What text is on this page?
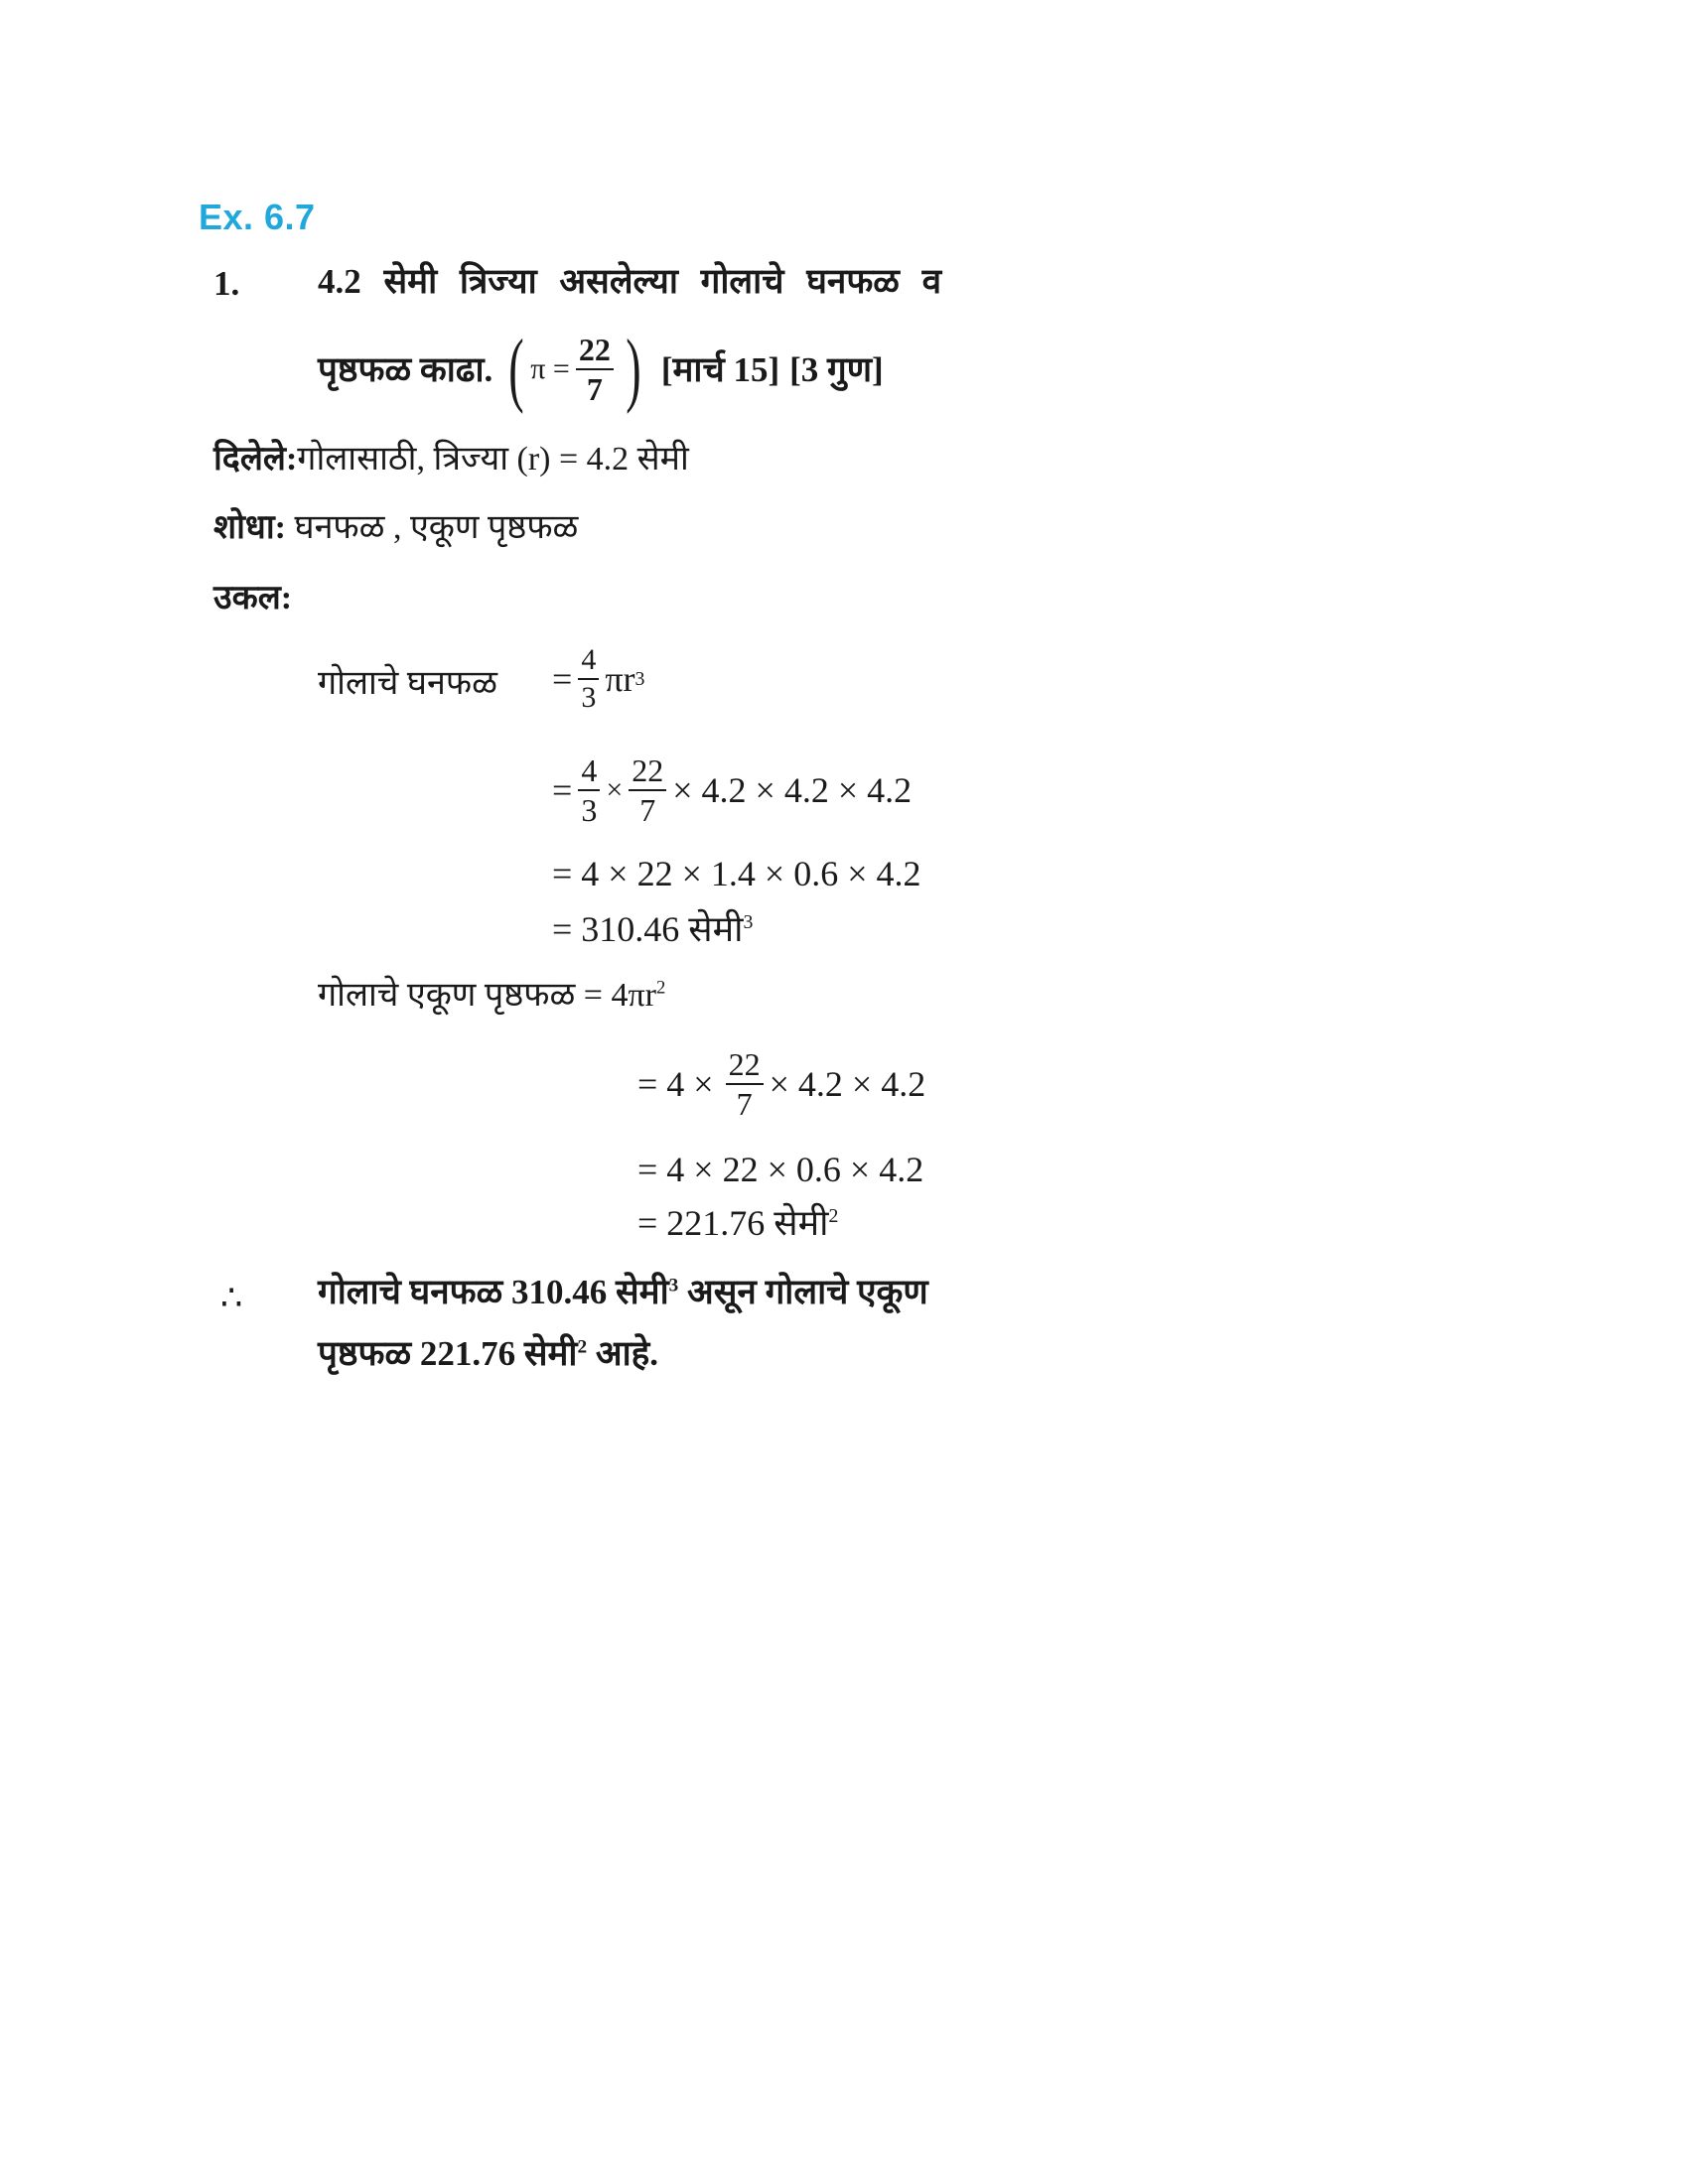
Ex. 6.7
1. 4.2 सेमी त्रिज्या असलेल्या गोलाचे घनफळ व
पृष्ठफळ काढा. ( $\pi = \frac{22}{7}$ ) [मार्च 15] [3 गुण]
दिलेले:गोलासाठी, त्रिज्या (r) = 4.2 सेमी
शोधा: घनफळ , एकूण पृष्ठफळ
उकल:
गोलाचे घनफळ = $\frac{4}{3}$ πr 3
= $\frac{4}{3} \times \frac{22}{7} \times 4.2 \times 4.2 \times 4.2$
= 4 × 22 × 1.4 × 0.6 × 4.2
= 310.46 सेमी$^3$
गोलाचे एकूण पृष्ठफळ = $4\pi r^2$
= $4 \times \frac{22}{7} \times 4.2 \times 4.2$
= 4 × 22 × 0.6 × 4.2
= 221.76 सेमी$^2$
∴ गोलाचे घनफळ 310.46 सेमी$^3$ असून गोलाचे एकूण
पृष्ठफळ 221.76 सेमी$^2$ आहे.
